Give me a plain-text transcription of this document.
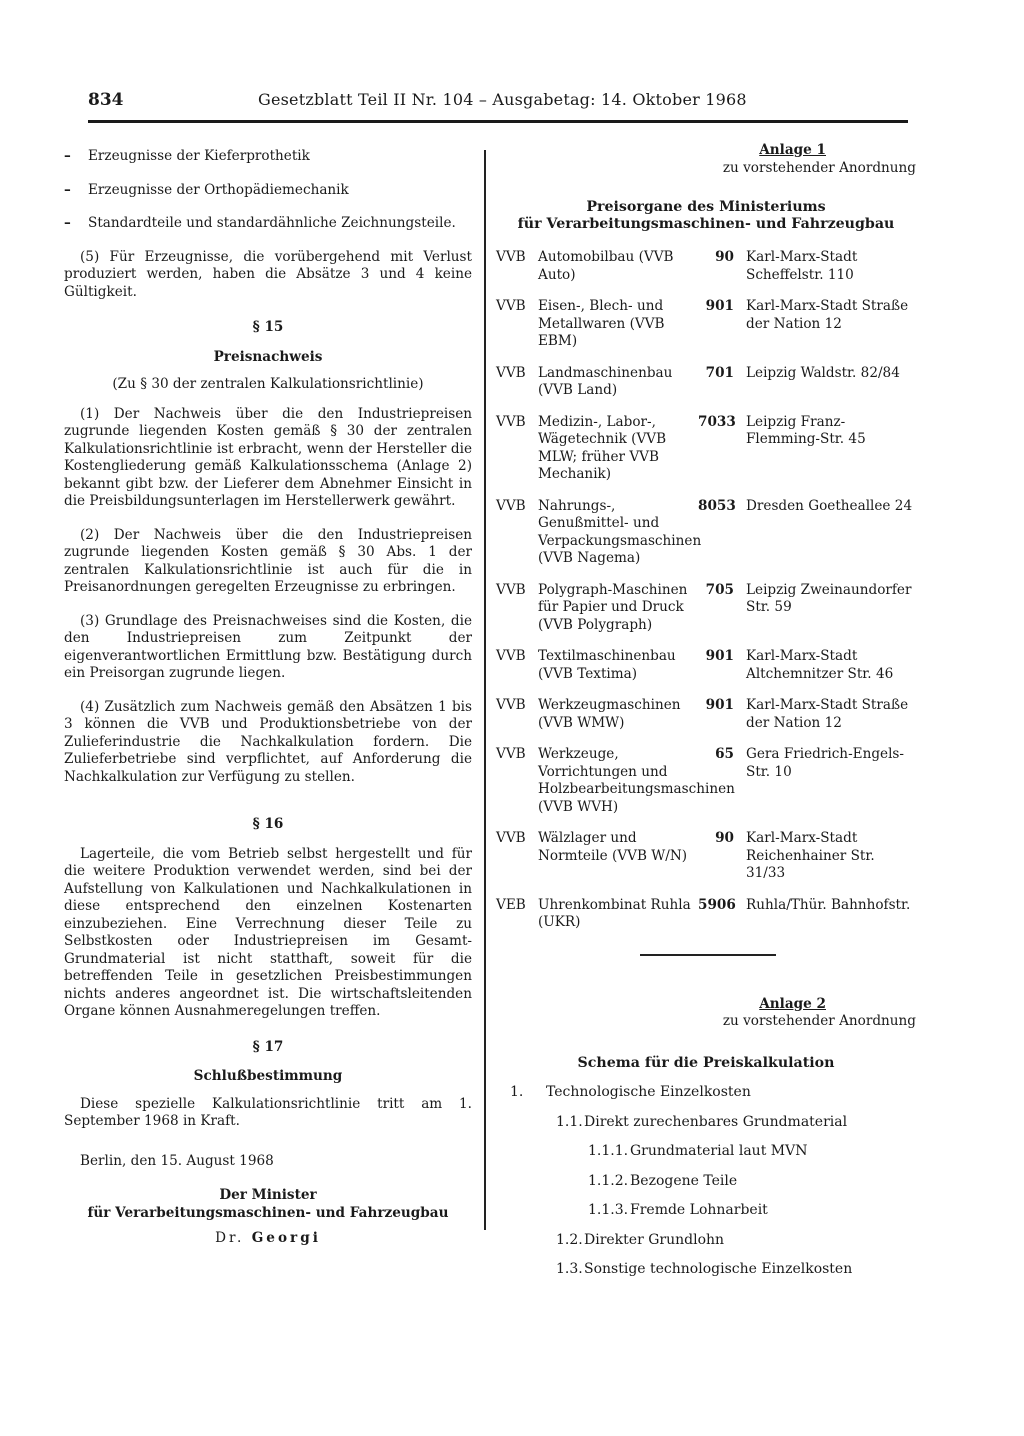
834	Gesetzblatt Teil II Nr. 104 – Ausgabetag: 14. Oktober 1968
– Erzeugnisse der Kieferprothetik
– Erzeugnisse der Orthopädiemechanik
– Standardteile und standardähnliche Zeichnungsteile.

(5) Für Erzeugnisse, die vorübergehend mit Verlust produziert werden, haben die Absätze 3 und 4 keine Gültigkeit.

§ 15
Preisnachweis
(Zu § 30 der zentralen Kalkulationsrichtlinie)

(1) Der Nachweis über die den Industriepreisen zugrunde liegenden Kosten gemäß § 30 der zentralen Kalkulationsrichtlinie ist erbracht, wenn der Hersteller die Kostengliederung gemäß Kalkulationsschema (Anlage 2) bekannt gibt bzw. der Lieferer dem Abnehmer Einsicht in die Preisbildungsunterlagen im Herstellerwerk gewährt.

(2) Der Nachweis über die den Industriepreisen zugrunde liegenden Kosten gemäß § 30 Abs. 1 der zentralen Kalkulationsrichtlinie ist auch für die in Preisanordnungen geregelten Erzeugnisse zu erbringen.

(3) Grundlage des Preisnachweises sind die Kosten, die den Industriepreisen zum Zeitpunkt der eigenverantwortlichen Ermittlung bzw. Bestätigung durch ein Preisorgan zugrunde liegen.

(4) Zusätzlich zum Nachweis gemäß den Absätzen 1 bis 3 können die VVB und Produktionsbetriebe von der Zulieferindustrie die Nachkalkulation fordern. Die Zulieferbetriebe sind verpflichtet, auf Anforderung die Nachkalkulation zur Verfügung zu stellen.

§ 16

Lagerteile, die vom Betrieb selbst hergestellt und für die weitere Produktion verwendet werden, sind bei der Aufstellung von Kalkulationen und Nachkalkulationen in diese entsprechend den einzelnen Kostenarten einzubeziehen. Eine Verrechnung dieser Teile zu Selbstkosten oder Industriepreisen im Gesamt-Grundmaterial ist nicht statthaft, soweit für die betreffenden Teile in gesetzlichen Preisbestimmungen nichts anderes angeordnet ist. Die wirtschaftsleitenden Organe können Ausnahmeregelungen treffen.

§ 17
Schlußbestimmung

Diese spezielle Kalkulationsrichtlinie tritt am 1. September 1968 in Kraft.

Berlin, den 15. August 1968

Der Minister
für Verarbeitungsmaschinen- und Fahrzeugbau
Dr. Georgi
Anlage 1
zu vorstehender Anordnung
Preisorgane des Ministeriums
für Verarbeitungsmaschinen- und Fahrzeugbau
VVB Automobilbau (VVB Auto)
90 Karl-Marx-Stadt Scheffelstr. 110
VVB Eisen-, Blech- und Metallwaren (VVB EBM)
901 Karl-Marx-Stadt Straße der Nation 12
VVB Landmaschinenbau (VVB Land)
701 Leipzig Waldstr. 82/84
VVB Medizin-, Labor-, Wägetechnik (VVB MLW; früher VVB Mechanik)
7033 Leipzig Franz-Flemming-Str. 45
VVB Nahrungs-, Genußmittel- und Verpackungsmaschinen (VVB Nagema)
8053 Dresden Goetheallee 24
VVB Polygraph-Maschinen für Papier und Druck (VVB Polygraph)
705 Leipzig Zweinaundorfer Str. 59
VVB Textilmaschinenbau (VVB Textima)
901 Karl-Marx-Stadt Altchemnitzer Str. 46
VVB Werkzeugmaschinen (VVB WMW)
901 Karl-Marx-Stadt Straße der Nation 12
VVB Werkzeuge, Vorrichtungen und Holzbearbeitungsmaschinen (VVB WVH)
65 Gera Friedrich-Engels-Str. 10
VVB Wälzlager und Normteile (VVB W/N)
90 Karl-Marx-Stadt Reichenhainer Str. 31/33
VEB Uhrenkombinat Ruhla (UKR)
5906 Ruhla/Thür. Bahnhofstr.
Anlage 2
zu vorstehender Anordnung
Schema für die Preiskalkulation
1.	Technologische Einzelkosten
1.1. Direkt zurechenbares Grundmaterial
1.1.1. Grundmaterial laut MVN
1.1.2. Bezogene Teile
1.1.3. Fremde Lohnarbeit
1.2. Direkter Grundlohn
1.3. Sonstige technologische Einzelkosten
